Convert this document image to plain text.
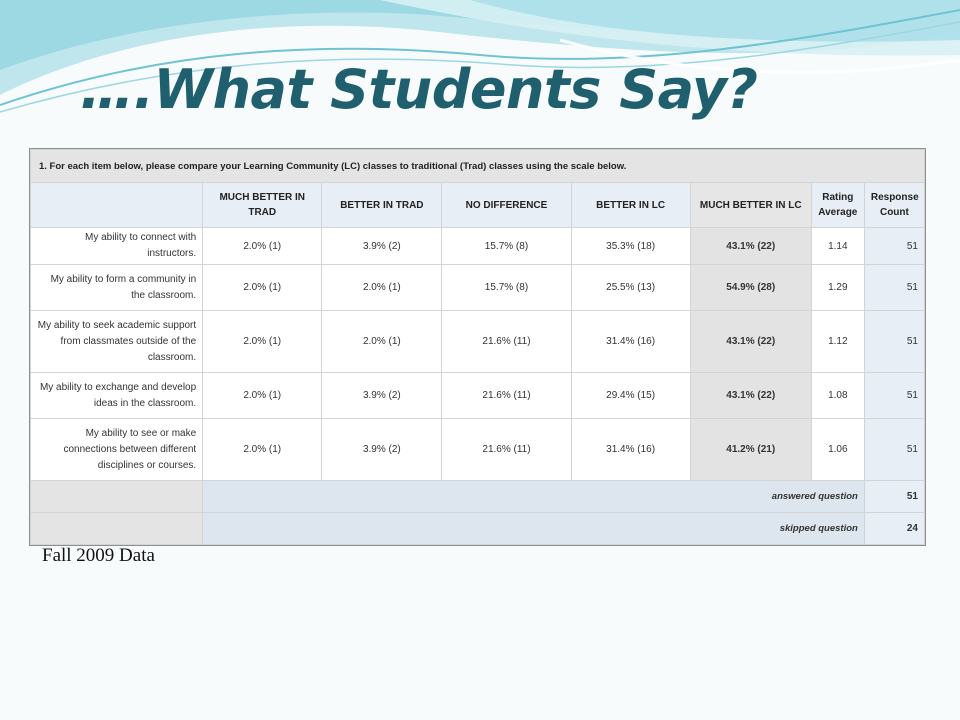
….What Students Say?
1. For each item below, please compare your Learning Community (LC) classes to traditional (Trad) classes using the scale below.							
	MUCH BETTER IN TRAD	BETTER IN TRAD	NO DIFFERENCE	BETTER IN LC	MUCH BETTER IN LC	Rating Average	Response Count
My ability to connect with instructors.	2.0% (1)	3.9% (2)	15.7% (8)	35.3% (18)	43.1% (22)	1.14	51
My ability to form a community in the classroom.	2.0% (1)	2.0% (1)	15.7% (8)	25.5% (13)	54.9% (28)	1.29	51
My ability to seek academic support from classmates outside of the classroom.	2.0% (1)	2.0% (1)	21.6% (11)	31.4% (16)	43.1% (22)	1.12	51
My ability to exchange and develop ideas in the classroom.	2.0% (1)	3.9% (2)	21.6% (11)	29.4% (15)	43.1% (22)	1.08	51
My ability to see or make connections between different disciplines or courses.	2.0% (1)	3.9% (2)	21.6% (11)	31.4% (16)	41.2% (21)	1.06	51
	answered question						51
	skipped question						24
Fall 2009 Data
